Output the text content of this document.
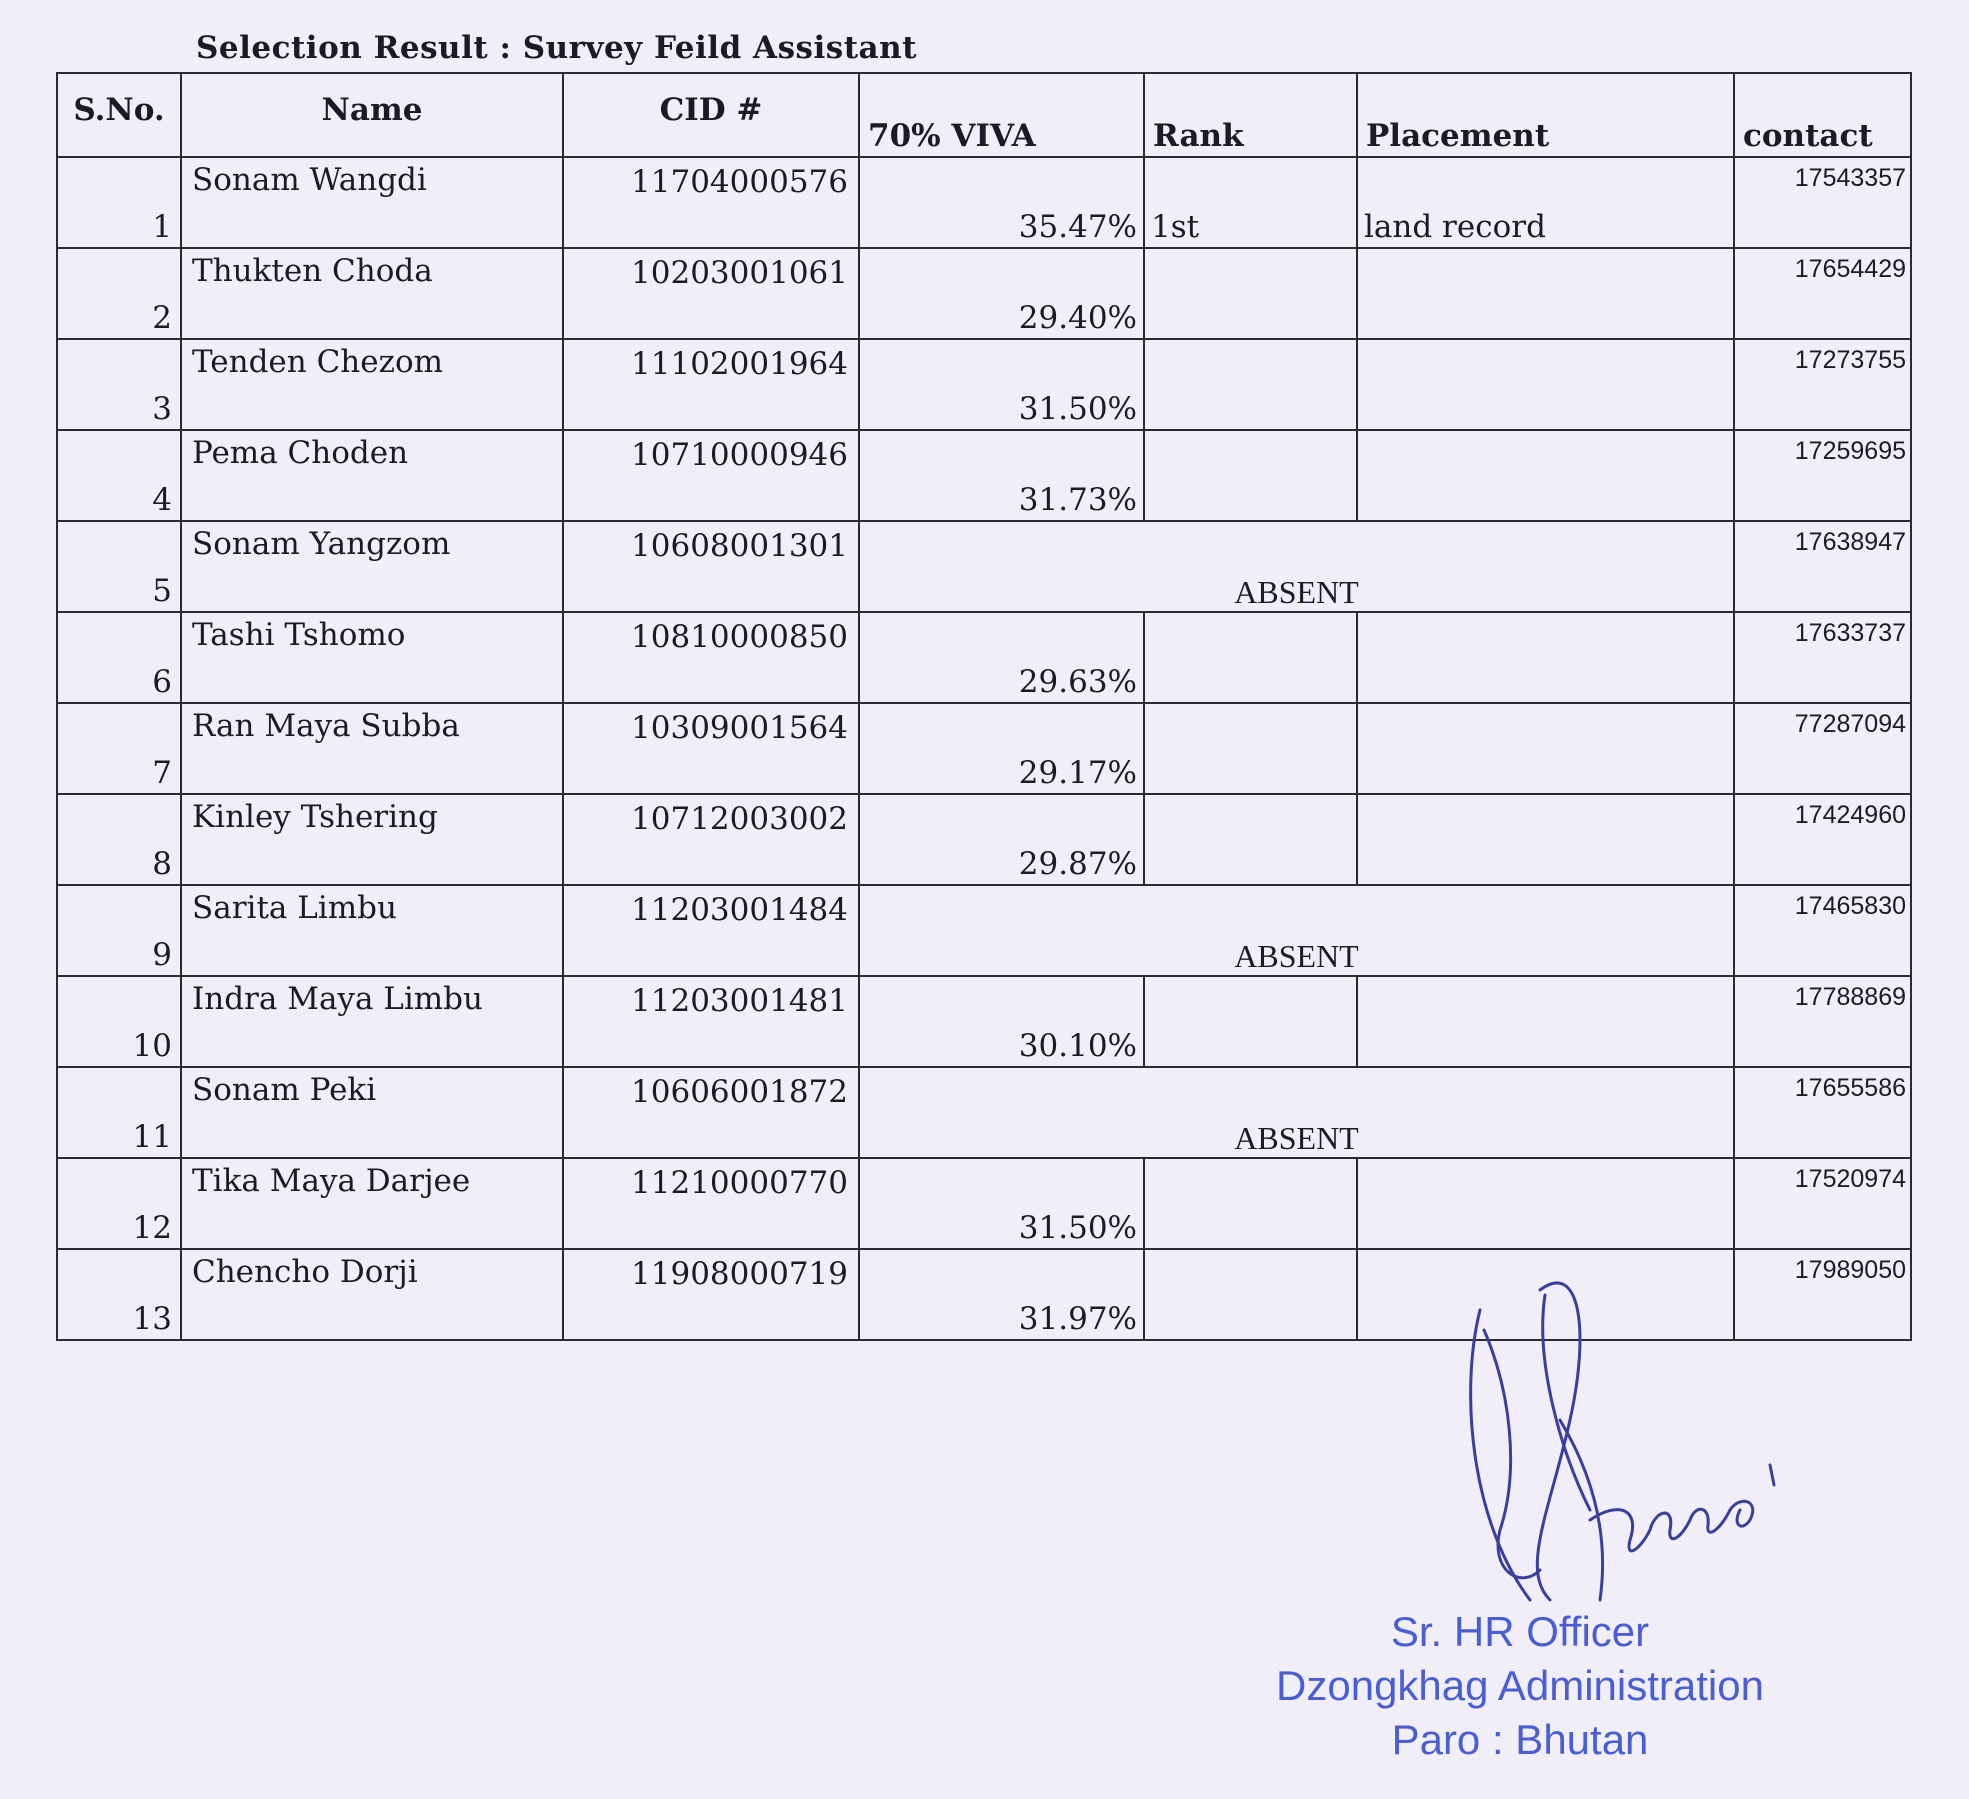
Selection Result : Survey Feild Assistant
S.No.	Name	CID #	70% VIVA	Rank	Placement	contact

1	Sonam Wangdi	11704000576	35.47%	1st	land record	17543357

2	Thukten Choda	10203001061	29.40%			17654429

3	Tenden Chezom	11102001964	31.50%			17273755

4	Pema Choden	10710000946	31.73%			17259695

5	Sonam Yangzom	10608001301	ABSENT			17638947

6	Tashi Tshomo	10810000850	29.63%			17633737

7	Ran Maya Subba	10309001564	29.17%			77287094

8	Kinley Tshering	10712003002	29.87%			17424960

9	Sarita Limbu	11203001484	ABSENT			17465830

10	Indra Maya Limbu	11203001481	30.10%			17788869

11	Sonam Peki	10606001872	ABSENT			17655586

12	Tika Maya Darjee	11210000770	31.50%			17520974

13	Chencho Dorji	11908000719	31.97%			17989050
Sr. HR Officer
Dzongkhag Administration
Paro : Bhutan
